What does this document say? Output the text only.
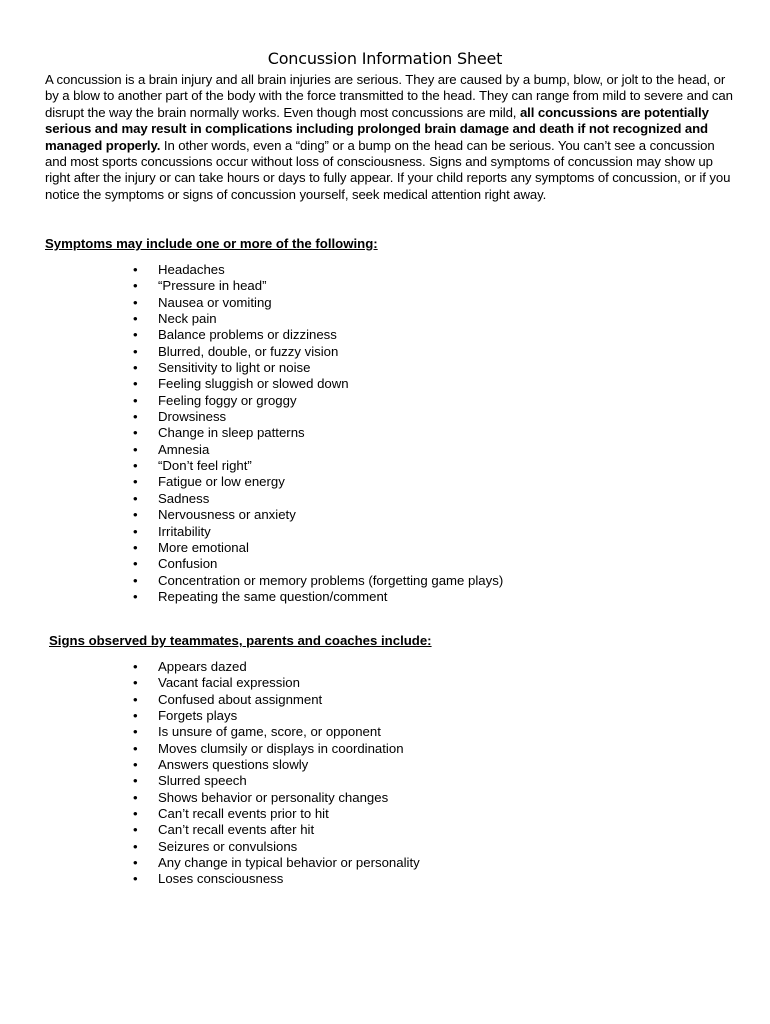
Concussion Information Sheet

A concussion is a brain injury and all brain injuries are serious. They are caused by a bump, blow, or jolt to the head, or by a blow to another part of the body with the force transmitted to the head. They can range from mild to severe and can disrupt the way the brain normally works. Even though most concussions are mild, all concussions are potentially serious and may result in complications including prolonged brain damage and death if not recognized and managed properly. In other words, even a “ding” or a bump on the head can be serious. You can’t see a concussion and most sports concussions occur without loss of consciousness. Signs and symptoms of concussion may show up right after the injury or can take hours or days to fully appear. If your child reports any symptoms of concussion, or if you notice the symptoms or signs of concussion yourself, seek medical attention right away.

Symptoms may include one or more of the following:

• Headaches
• “Pressure in head”
• Nausea or vomiting
• Neck pain
• Balance problems or dizziness
• Blurred, double, or fuzzy vision
• Sensitivity to light or noise
• Feeling sluggish or slowed down
• Feeling foggy or groggy
• Drowsiness
• Change in sleep patterns
• Amnesia
• “Don’t feel right”
• Fatigue or low energy
• Sadness
• Nervousness or anxiety
• Irritability
• More emotional
• Confusion
• Concentration or memory problems (forgetting game plays)
• Repeating the same question/comment

Signs observed by teammates, parents and coaches include:

• Appears dazed
• Vacant facial expression
• Confused about assignment
• Forgets plays
• Is unsure of game, score, or opponent
• Moves clumsily or displays in coordination
• Answers questions slowly
• Slurred speech
• Shows behavior or personality changes
• Can’t recall events prior to hit
• Can’t recall events after hit
• Seizures or convulsions
• Any change in typical behavior or personality
• Loses consciousness
